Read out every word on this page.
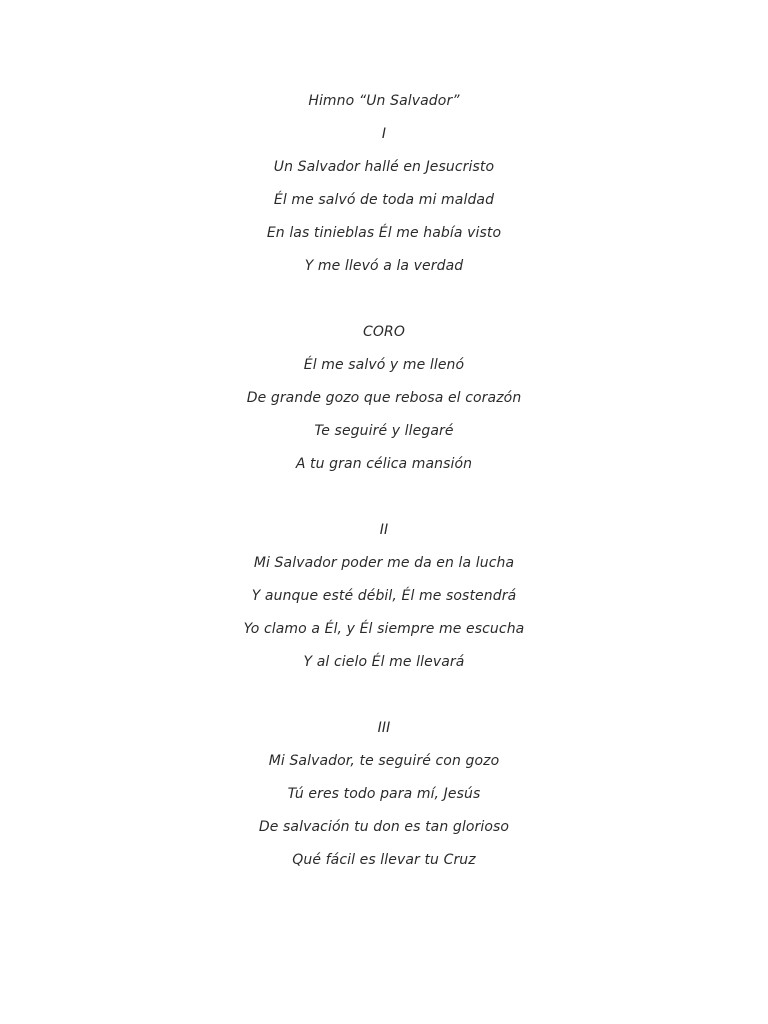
Himno “Un Salvador”
I
Un Salvador hallé en Jesucristo
Él me salvó de toda mi maldad
En las tinieblas Él me había visto
Y me llevó a la verdad
CORO
Él me salvó y me llenó
De grande gozo que rebosa el corazón
Te seguiré y llegaré
A tu gran célica mansión
II
Mi Salvador poder me da en la lucha
Y aunque esté débil, Él me sostendrá
Yo clamo a Él, y Él siempre me escucha
Y al cielo Él me llevará
III
Mi Salvador, te seguiré con gozo
Tú eres todo para mí, Jesús
De salvación tu don es tan glorioso
Qué fácil es llevar tu Cruz
